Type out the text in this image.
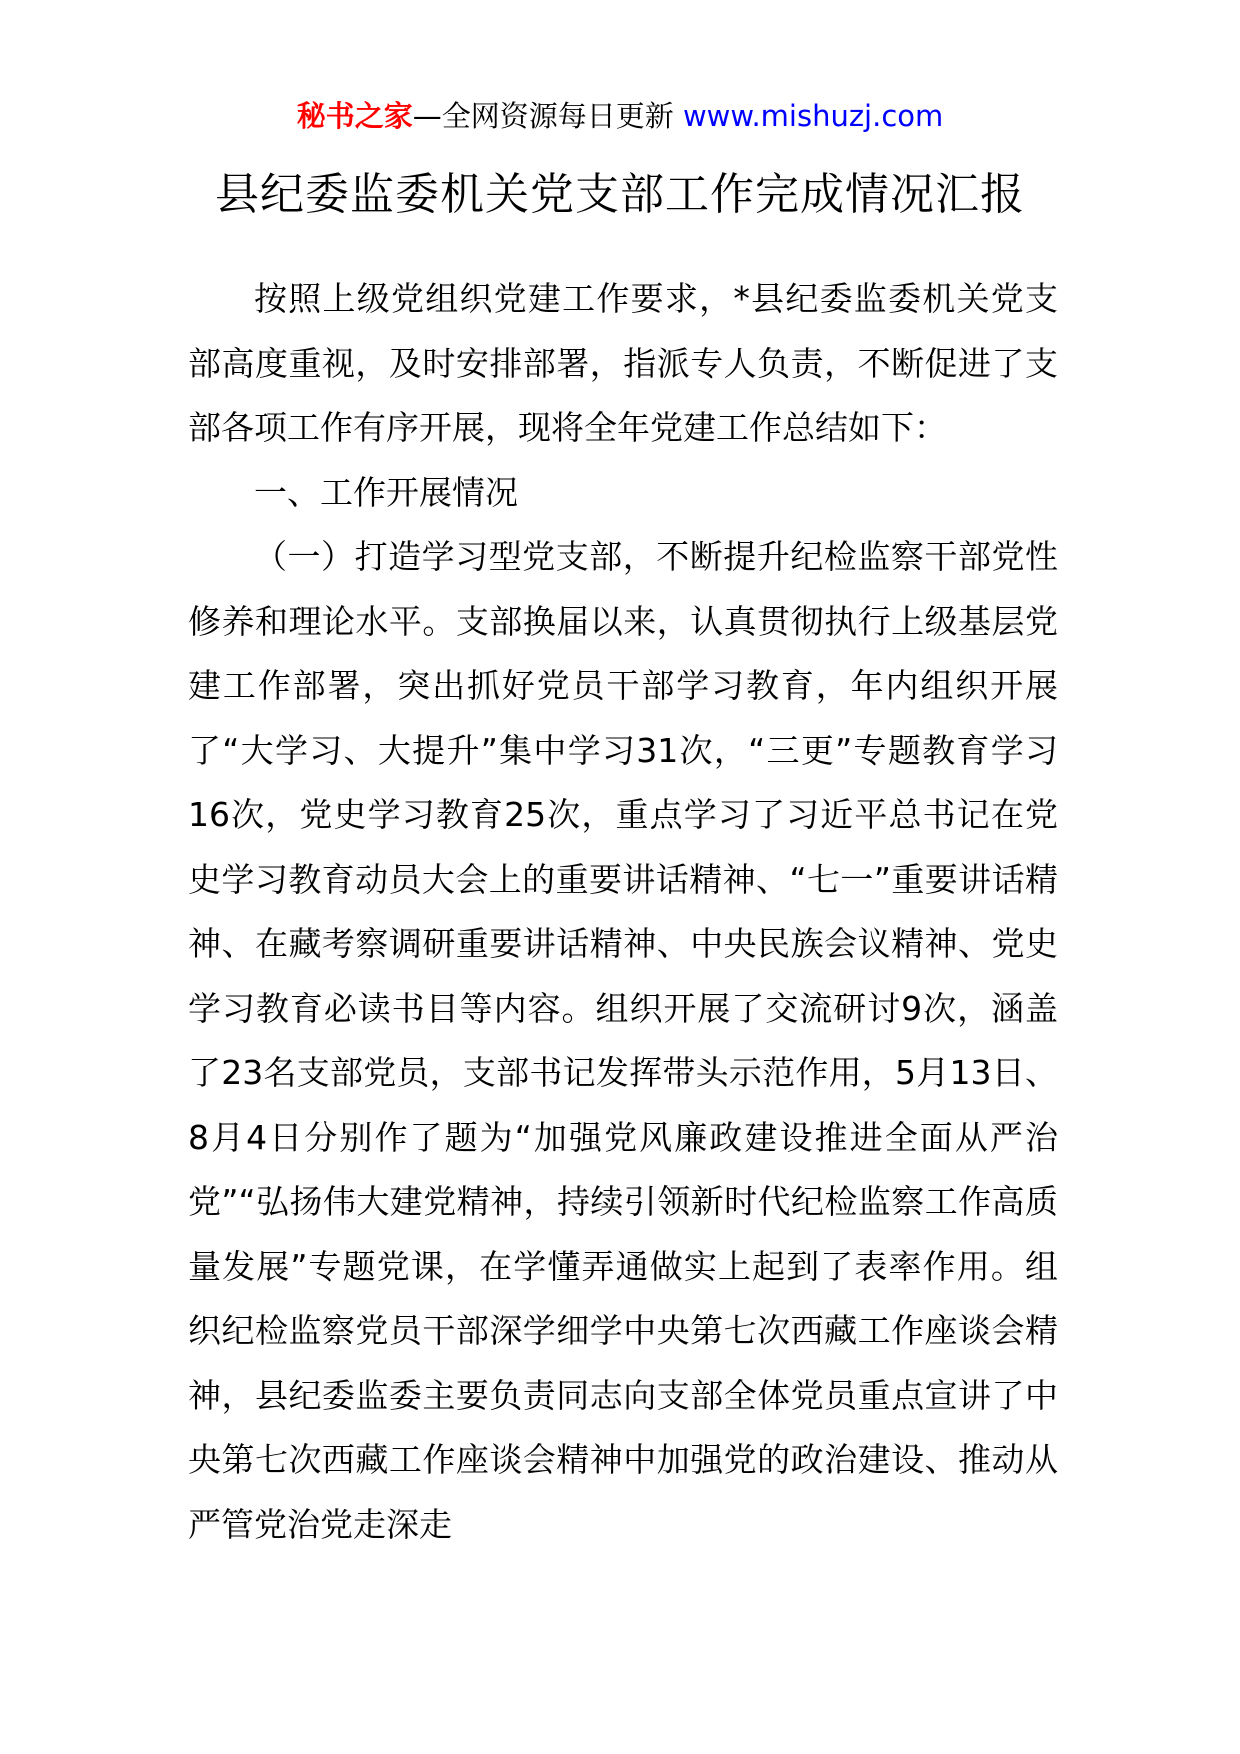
秘书之家—全网资源每日更新 www.mishuzj.com
县纪委监委机关党支部工作完成情况汇报

按照上级党组织党建工作要求，*县纪委监委机关党支部高度重视，及时安排部署，指派专人负责，不断促进了支部各项工作有序开展，现将全年党建工作总结如下：

一、工作开展情况

（一）打造学习型党支部，不断提升纪检监察干部党性修养和理论水平。支部换届以来，认真贯彻执行上级基层党建工作部署，突出抓好党员干部学习教育，年内组织开展了“大学习、大提升”集中学习31次，“三更”专题教育学习16次，党史学习教育25次，重点学习了习近平总书记在党史学习教育动员大会上的重要讲话精神、“七一”重要讲话精神、在藏考察调研重要讲话精神、中央民族会议精神、党史学习教育必读书目等内容。组织开展了交流研讨9次，涵盖了23名支部党员，支部书记发挥带头示范作用，5月13日、8月4日分别作了题为“加强党风廉政建设推进全面从严治党”“弘扬伟大建党精神，持续引领新时代纪检监察工作高质量发展”专题党课，在学懂弄通做实上起到了表率作用。组织纪检监察党员干部深学细学中央第七次西藏工作座谈会精神，县纪委监委主要负责同志向支部全体党员重点宣讲了中央第七次西藏工作座谈会精神中加强党的政治建设、推动从严管党治党走深走
